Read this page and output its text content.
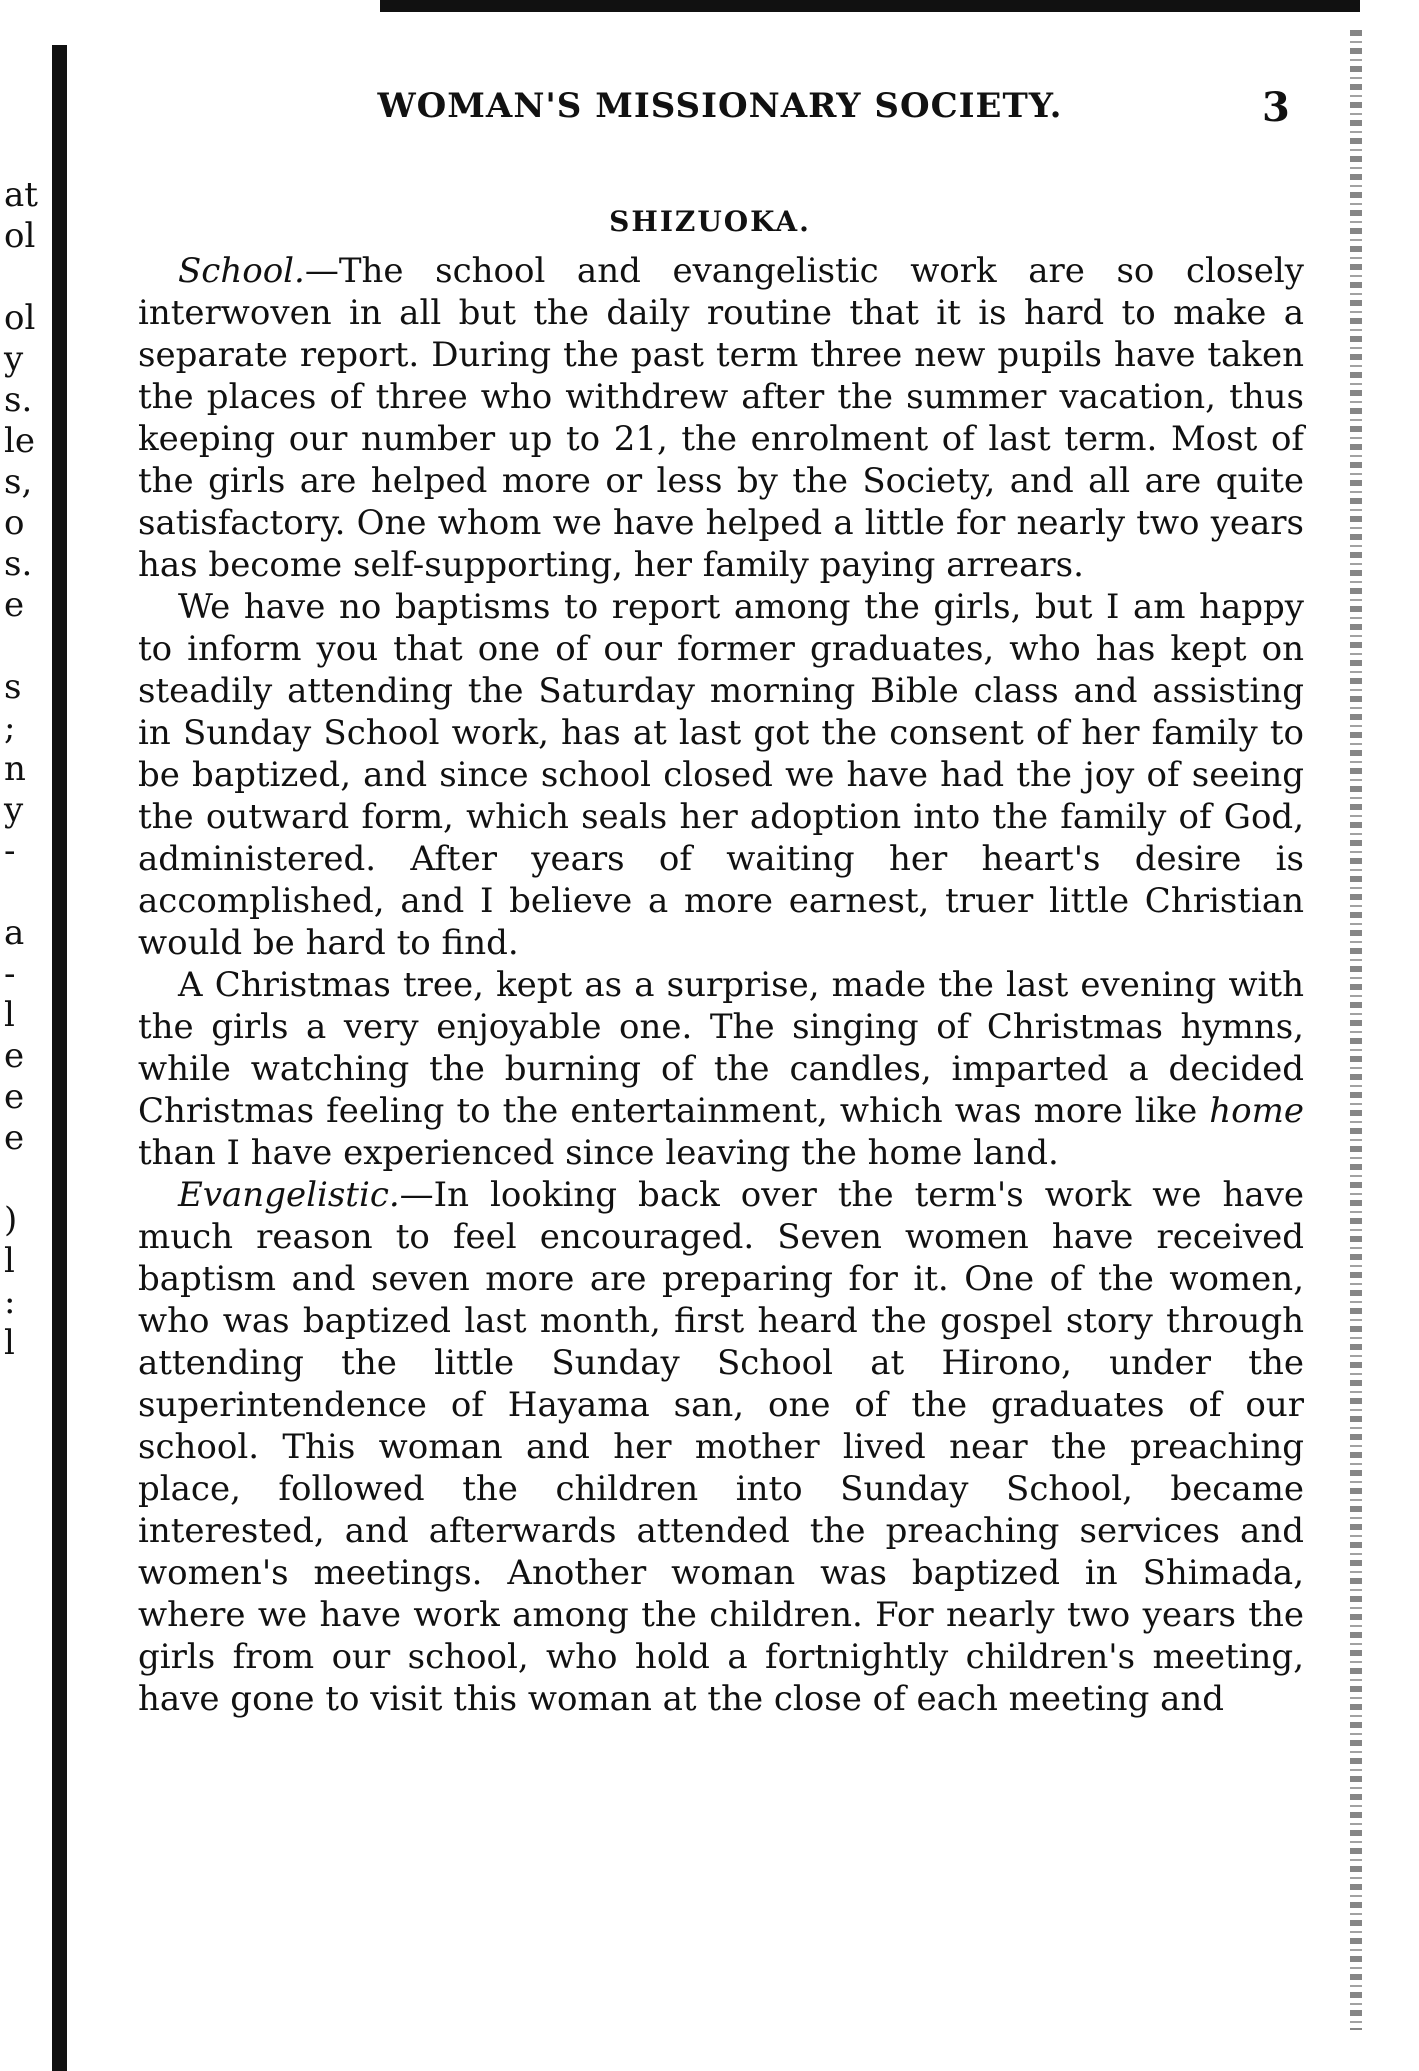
at
ol
ol
y
s.
le
s,
o
s.
e
s
;
n
y
-
a
-
l
e
e
e
)
l
:
l
WOMAN'S MISSIONARY SOCIETY.	3
SHIZUOKA.

School.—The school and evangelistic work are so closely interwoven in all but the daily routine that it is hard to make a separate report. During the past term three new pupils have taken the places of three who withdrew after the summer vacation, thus keeping our number up to 21, the enrolment of last term. Most of the girls are helped more or less by the Society, and all are quite satisfactory. One whom we have helped a little for nearly two years has become self-supporting, her family paying arrears.

We have no baptisms to report among the girls, but I am happy to inform you that one of our former graduates, who has kept on steadily attending the Saturday morning Bible class and assisting in Sunday School work, has at last got the consent of her family to be baptized, and since school closed we have had the joy of seeing the outward form, which seals her adoption into the family of God, administered. After years of waiting her heart's desire is accomplished, and I believe a more earnest, truer little Christian would be hard to find.

A Christmas tree, kept as a surprise, made the last evening with the girls a very enjoyable one. The singing of Christmas hymns, while watching the burning of the candles, imparted a decided Christmas feeling to the entertainment, which was more like home than I have experienced since leaving the home land.

Evangelistic.—In looking back over the term's work we have much reason to feel encouraged. Seven women have received baptism and seven more are preparing for it. One of the women, who was baptized last month, first heard the gospel story through attending the little Sunday School at Hirono, under the superintendence of Hayama san, one of the graduates of our school. This woman and her mother lived near the preaching place, followed the children into Sunday School, became interested, and afterwards attended the preaching services and women's meetings. Another woman was baptized in Shimada, where we have work among the children. For nearly two years the girls from our school, who hold a fortnightly children's meeting, have gone to visit this woman at the close of each meeting and
